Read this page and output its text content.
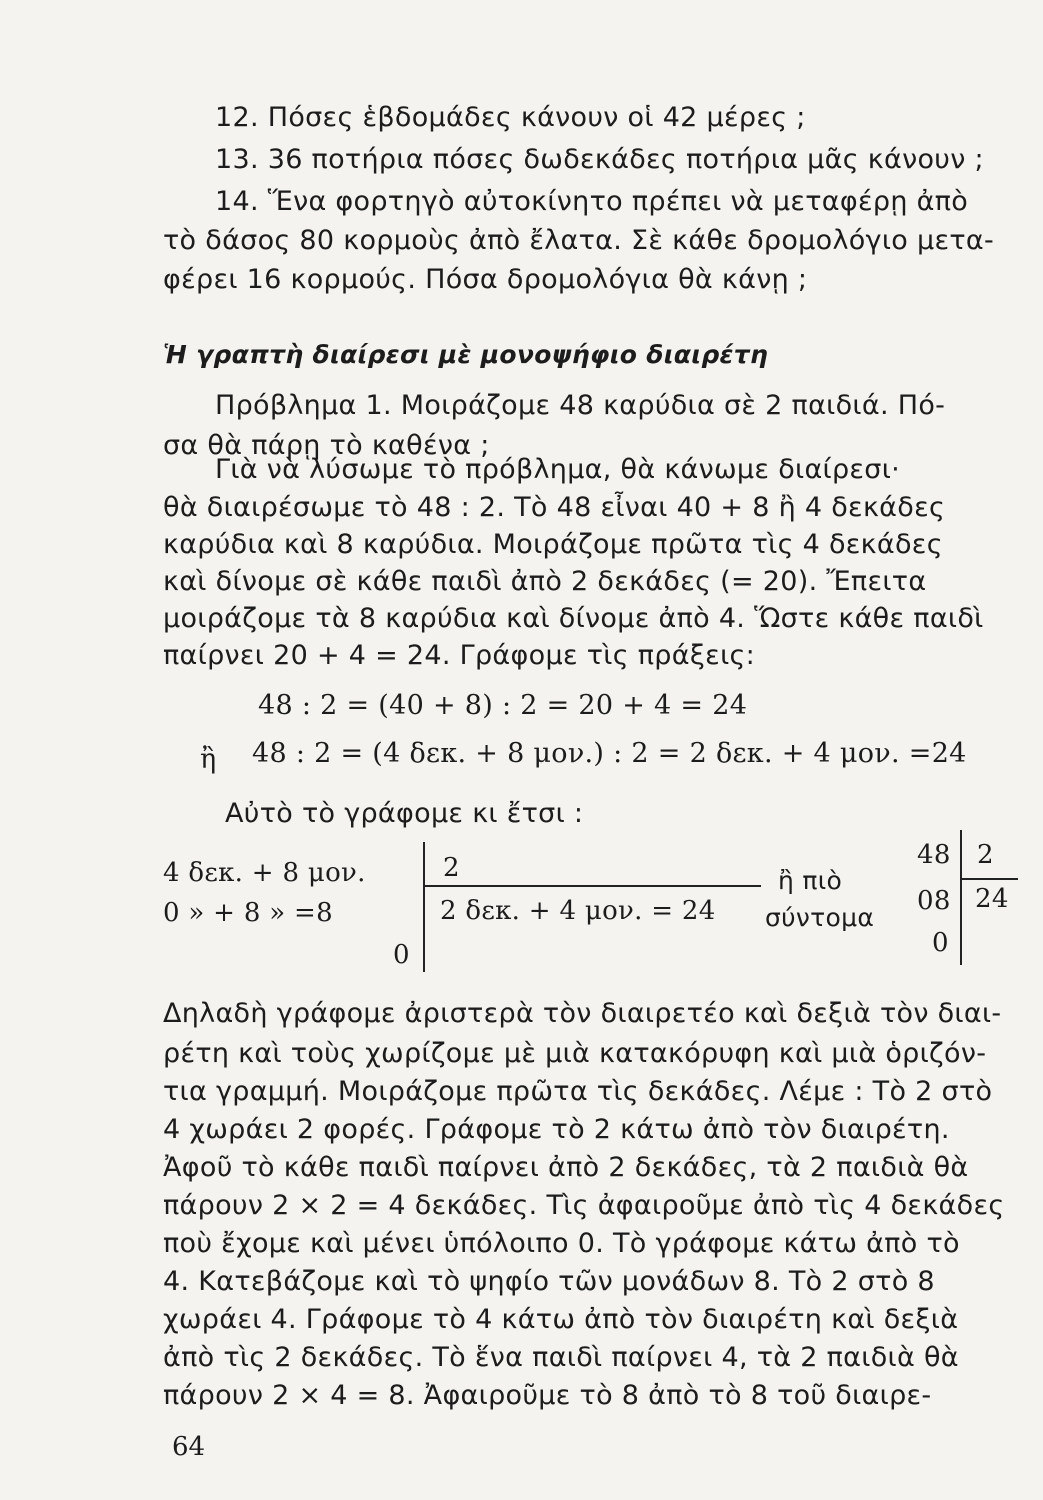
12. Πόσες ἑβδομάδες κάνουν οἱ 42 μέρες ;
13. 36 ποτήρια πόσες δωδεκάδες ποτήρια μᾶς κάνουν ;
14. Ἕνα φορτηγὸ αὐτοκίνητο πρέπει νὰ μεταφέρῃ ἀπὸ
τὸ δάσος 80 κορμοὺς ἀπὸ ἔλατα. Σὲ κάθε δρομολόγιο μετα-
φέρει 16 κορμούς. Πόσα δρομολόγια θὰ κάνῃ ;
Ἡ γραπτὴ διαίρεσι μὲ μονοψήφιο διαιρέτη
Πρόβλημα 1. Μοιράζομε 48 καρύδια σὲ 2 παιδιά. Πό-
σα θὰ πάρῃ τὸ καθένα ;
Γιὰ νὰ λύσωμε τὸ πρόβλημα, θὰ κάνωμε διαίρεσι·
θὰ διαιρέσωμε τὸ 48 : 2. Τὸ 48 εἶναι 40 + 8 ἢ 4 δεκάδες
καρύδια καὶ 8 καρύδια. Μοιράζομε πρῶτα τὶς 4 δεκάδες
καὶ δίνομε σὲ κάθε παιδὶ ἀπὸ 2 δεκάδες (= 20). Ἔπειτα
μοιράζομε τὰ 8 καρύδια καὶ δίνομε ἀπὸ 4. Ὥστε κάθε παιδὶ
παίρνει 20 + 4 = 24. Γράφομε τὶς πράξεις:
48 : 2 = (40 + 8) : 2 = 20 + 4 = 24
ἢ 48 : 2 = (4 δεκ. + 8 μον.) : 2 = 2 δεκ. + 4 μον. =24
Αὐτὸ τὸ γράφομε κι ἔτσι :
4 δεκ. + 8 μον.
0 » + 8 » =8
0
2
2 δεκ. + 4 μον. = 24
ἢ πιὸ
σύντομα
48 2
08 24
0
Δηλαδὴ γράφομε ἀριστερὰ τὸν διαιρετέο καὶ δεξιὰ τὸν διαι-
ρέτη καὶ τοὺς χωρίζομε μὲ μιὰ κατακόρυφη καὶ μιὰ ὁριζόν-
τια γραμμή. Μοιράζομε πρῶτα τὶς δεκάδες. Λέμε : Τὸ 2 στὸ
4 χωράει 2 φορές. Γράφομε τὸ 2 κάτω ἀπὸ τὸν διαιρέτη.
Ἀφοῦ τὸ κάθε παιδὶ παίρνει ἀπὸ 2 δεκάδες, τὰ 2 παιδιὰ θὰ
πάρουν 2 × 2 = 4 δεκάδες. Τὶς ἀφαιροῦμε ἀπὸ τὶς 4 δεκάδες
ποὺ ἔχομε καὶ μένει ὑπόλοιπο 0. Τὸ γράφομε κάτω ἀπὸ τὸ
4. Κατεβάζομε καὶ τὸ ψηφίο τῶν μονάδων 8. Τὸ 2 στὸ 8
χωράει 4. Γράφομε τὸ 4 κάτω ἀπὸ τὸν διαιρέτη καὶ δεξιὰ
ἀπὸ τὶς 2 δεκάδες. Τὸ ἕνα παιδὶ παίρνει 4, τὰ 2 παιδιὰ θὰ
πάρουν 2 × 4 = 8. Ἀφαιροῦμε τὸ 8 ἀπὸ τὸ 8 τοῦ διαιρε-
64
